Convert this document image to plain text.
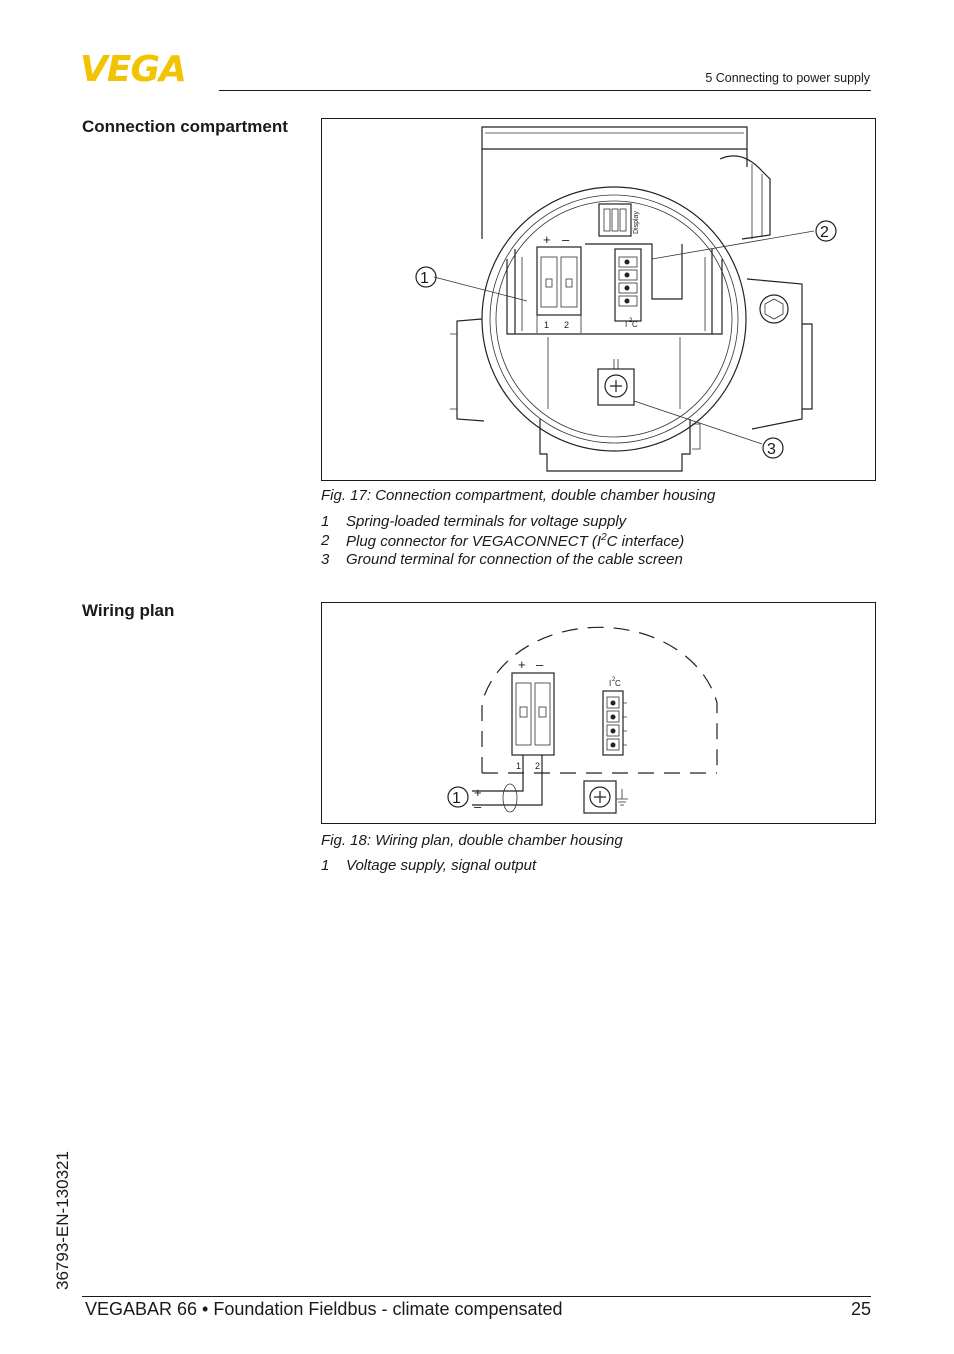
VEGA	5 Connecting to power supply
Connection compartment
Display
I 2 C
+ –
1 2
1
2
3
Fig. 17: Connection compartment, double chamber housing
1	Spring-loaded terminals for voltage supply
2	Plug connector for VEGACONNECT ($I^2C$ interface)
3	Ground terminal for connection of the cable screen
Wiring plan
+ –
1 2
I 2 C
+
–
1
Fig. 18: Wiring plan, double chamber housing
1	Voltage supply, signal output
36793-EN-130321
VEGABAR 66 • Foundation Fieldbus - climate compensated	25
